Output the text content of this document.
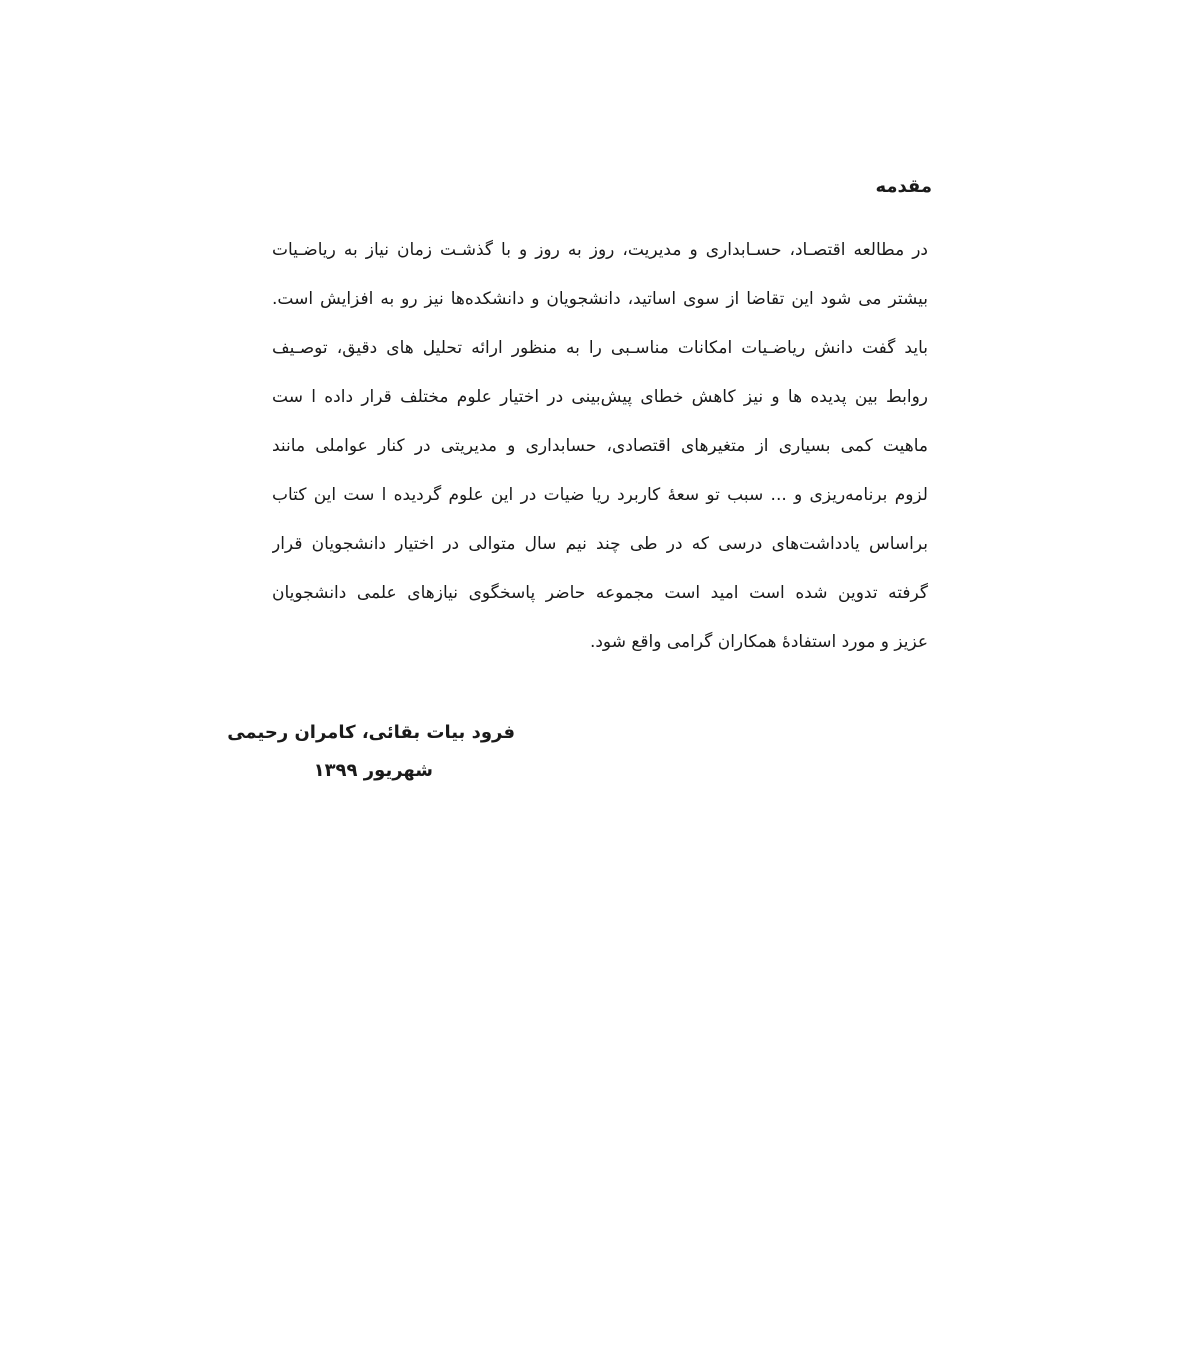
مقدمه
در مطالعه اقتصـاد، حسـابداری و مدیریت، روز به روز و با گذشـت زمان نیاز به ریاضـیات
بیشتر می شود این تقاضا از سوی اساتید، دانشجویان و دانشکده‌ها نیز رو به افزایش است.
باید گفت دانش ریاضـیات امکانات مناسـبی را به منظور ارائه تحلیل های دقیق، توصـیف
روابط بین پدیده ها و نیز کاهش خطای پیش‌بینی در اختیار علوم مختلف قرار داده ا ست
ماهیت کمی بسیاری از متغیرهای اقتصادی، حسابداری و مدیریتی در کنار عواملی مانند
لزوم برنامه‌ریزی و ... سبب تو سعهٔ کاربرد ریا ضیات در این علوم گردیده ا ست این کتاب
براساس یادداشت‌های درسی که در طی چند نیم سال متوالی در اختیار دانشجویان قرار
گرفته تدوین شده است امید است مجموعه حاضر پاسخگوی نیازهای علمی دانشجویان
عزیز و مورد استفادهٔ همکاران گرامی واقع شود.

فرود بیات بقائی، کامران رحیمی

شهریور ۱۳۹۹
